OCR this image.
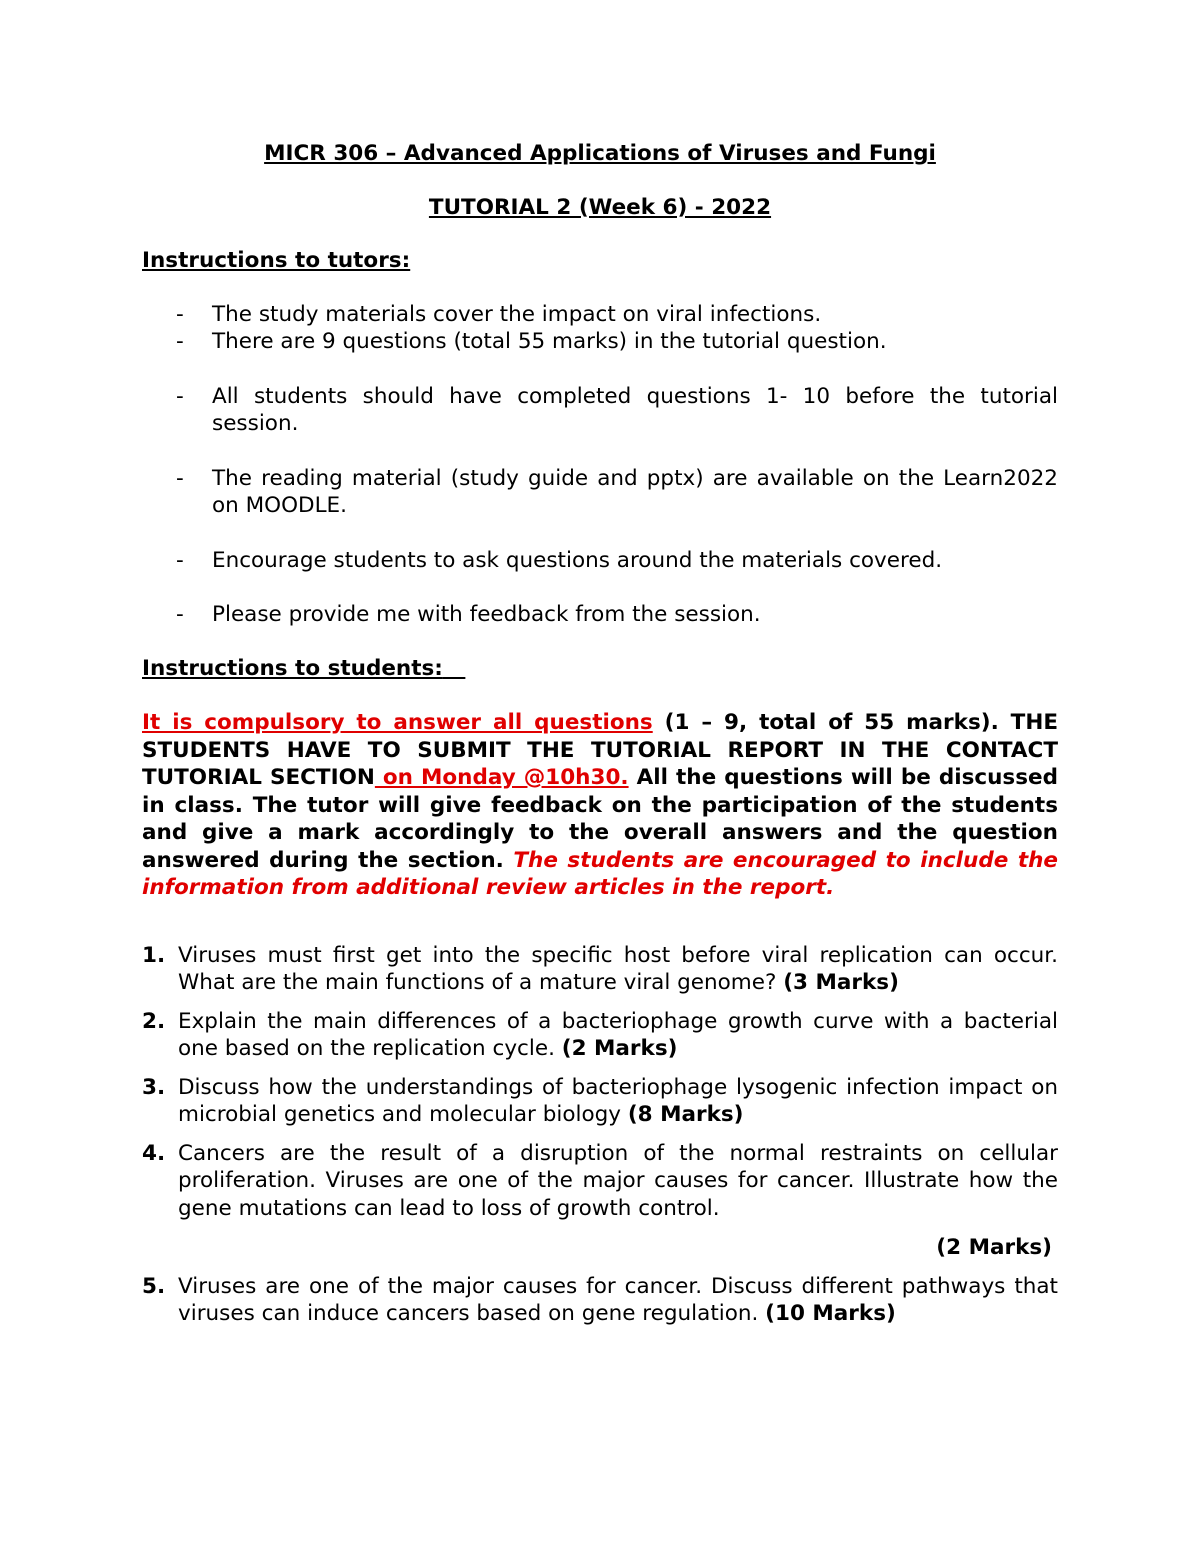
MICR 306 – Advanced Applications of Viruses and Fungi
TUTORIAL 2 (Week 6) - 2022
Instructions to tutors:
- The study materials cover the impact on viral infections.
- There are 9 questions (total 55 marks) in the tutorial question.
- All students should have completed questions 1- 10 before the tutorial session.
- The reading material (study guide and pptx) are available on the Learn2022 on MOODLE.
- Encourage students to ask questions around the materials covered.
- Please provide me with feedback from the session.
Instructions to students:
It is compulsory to answer all questions (1 – 9, total of 55 marks). THE STUDENTS HAVE TO SUBMIT THE TUTORIAL REPORT IN THE CONTACT TUTORIAL SECTION on Monday @10h30. All the questions will be discussed in class. The tutor will give feedback on the participation of the students and give a mark accordingly to the overall answers and the question answered during the section. The students are encouraged to include the information from additional review articles in the report.
1. Viruses must first get into the specific host before viral replication can occur. What are the main functions of a mature viral genome? (3 Marks)
2. Explain the main differences of a bacteriophage growth curve with a bacterial one based on the replication cycle. (2 Marks)
3. Discuss how the understandings of bacteriophage lysogenic infection impact on microbial genetics and molecular biology (8 Marks)
4. Cancers are the result of a disruption of the normal restraints on cellular proliferation. Viruses are one of the major causes for cancer. Illustrate how the gene mutations can lead to loss of growth control.
(2 Marks)
5. Viruses are one of the major causes for cancer. Discuss different pathways that viruses can induce cancers based on gene regulation. (10 Marks)
